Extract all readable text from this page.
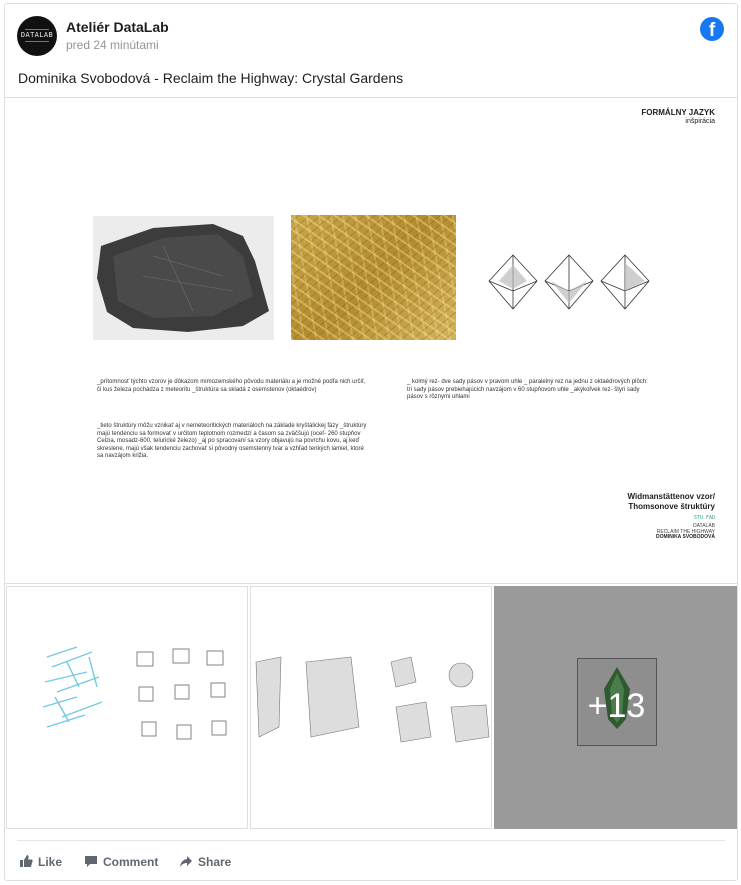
DATALAB Ateliér DataLab
pred 24 minútami
f
Dominika Svobodová - Reclaim the Highway: Crystal Gardens
FORMÁLNY JAZYK
inšpirácia
_prítomnosť týchto vzorov je dôkazom mimozemského pôvodu materiálu a je možné podľa nich určiť, či kus železa pochádza z meteoritu _štruktúra sa skladá z osemstenov (oktaédrov)
_tieto štruktúry môžu vznikať aj v nemeteoritických materiáloch na základe kryštálickej fázy _štruktúry majú tendenciu sa formovať v určitom teplotnom rozmedzí a časom sa zväčšujú (oceľ- 260 stupňov Celzia, mosadz-600, telurické železo) _aj po spracovaní sa vzory objavujú na povrchu kovu, aj keď skreslene, majú však tendenciu zachovať si pôvodný osemstenný tvar a vzhľad tenkých lamiel, ktoré sa navzájom križia.
_ kolmý rez- dve sady pásov v pravom uhle _ paralelný rez na jednu z oktaédrových plôch: tri sady pásov prebiehajúcich navzájom v 60 stupňovom uhle _akýkoľvek rez- štyri sady pásov s rôznymi uhlami
Widmanstättenov vzor/
Thomsonove štruktúry
STU FAD
DATALAB
RECLAIM THE HIGHWAY
DOMINIKA SVOBODOVÁ
+13
Like	Comment	Share
